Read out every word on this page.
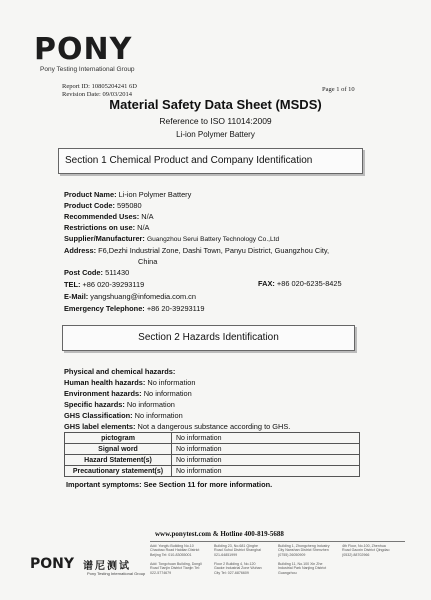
PONY
Pony Testing International Group
Report ID: 10805204241 6D
Revision Date: 09/03/2014
Page 1 of 10
Material Safety Data Sheet (MSDS)
Reference to ISO 11014:2009
Li-ion Polymer Battery
Section 1 Chemical Product and Company Identification
Product Name: Li-ion Polymer Battery
Product Code: 595080
Recommended Uses: N/A
Restrictions on use: N/A
Supplier/Manufacturer: Guangzhou Serui Battery Technology Co.,Ltd
Address: F6,Dezhi Industrial Zone, Dashi Town, Panyu District, Guangzhou City,
China
Post Code: 511430
TEL: +86 020-39293119	FAX: +86 020-6235-8425
E-Mail: yangshuang@infomedia.com.cn
Emergency Telephone: +86 20-39293119
Section 2 Hazards Identification
Physical and chemical hazards:
Human health hazards: No information
Environment hazards: No information
Specific hazards: No information
GHS Classification: No information
GHS label elements: Not a dangerous substance according to GHS.
pictogram	No information
Signal word	No information
Hazard Statement(s)	No information
Precautionary statement(s)	No information
Important symptoms: See Section 11 for more information.
www.ponytest.com & Hotline 400-819-5688
Add: Yongfu Building No.10 Chaobao Road Haidian District Beijing Tel: 010-83055001
Building 23, No.681 Qinghe Road Xuhui District Shanghai 021-64851999
Building 1, Zhongcheng Industry City Nanshan District Shenzhen (0755) 26050909
4th Floor, No.100, Zhenhua Road Gaoxin District Qingdao (0532) 88702966
Add: Tongchuan Building, Dongli Road Tianjin District Tianjin Tel: 022-5774679
Floor 2 Building 4, No.120 Gaoke Industrial Zone Wuhan City Tel: 027-6876609
Building 11, No.100 Xin Zhe Industrial Park Nanjing District Guangzhou
PONY 谱尼测试
Pony Testing International Group
